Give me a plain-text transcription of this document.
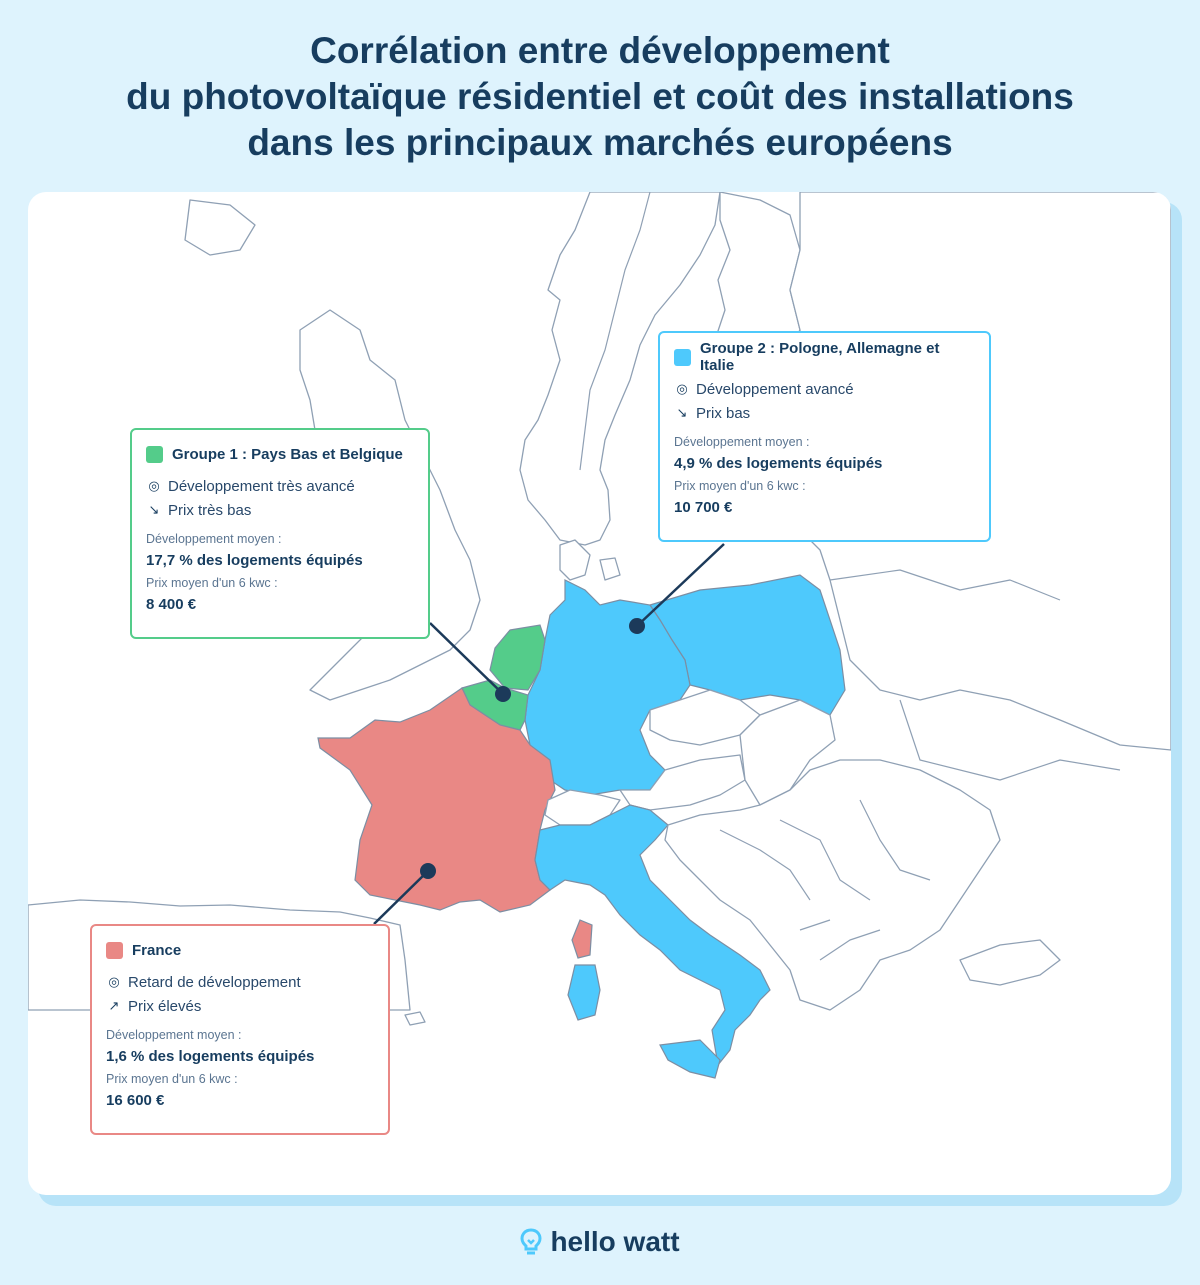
Corrélation entre développement
du photovoltaïque résidentiel et coût des installations
dans les principaux marchés européens
Groupe 1 : Pays Bas et Belgique
◎ Développement très avancé
↘ Prix très bas
Développement moyen :
17,7 % des logements équipés
Prix moyen d'un 6 kwc :
8 400 €
Groupe 2 : Pologne, Allemagne et Italie
◎ Développement avancé
↘ Prix bas
Développement moyen :
4,9 % des logements équipés
Prix moyen d'un 6 kwc :
10 700 €
France
◎ Retard de développement
↗ Prix élevés
Développement moyen :
1,6 % des logements équipés
Prix moyen d'un 6 kwc :
16 600 €
hello watt
